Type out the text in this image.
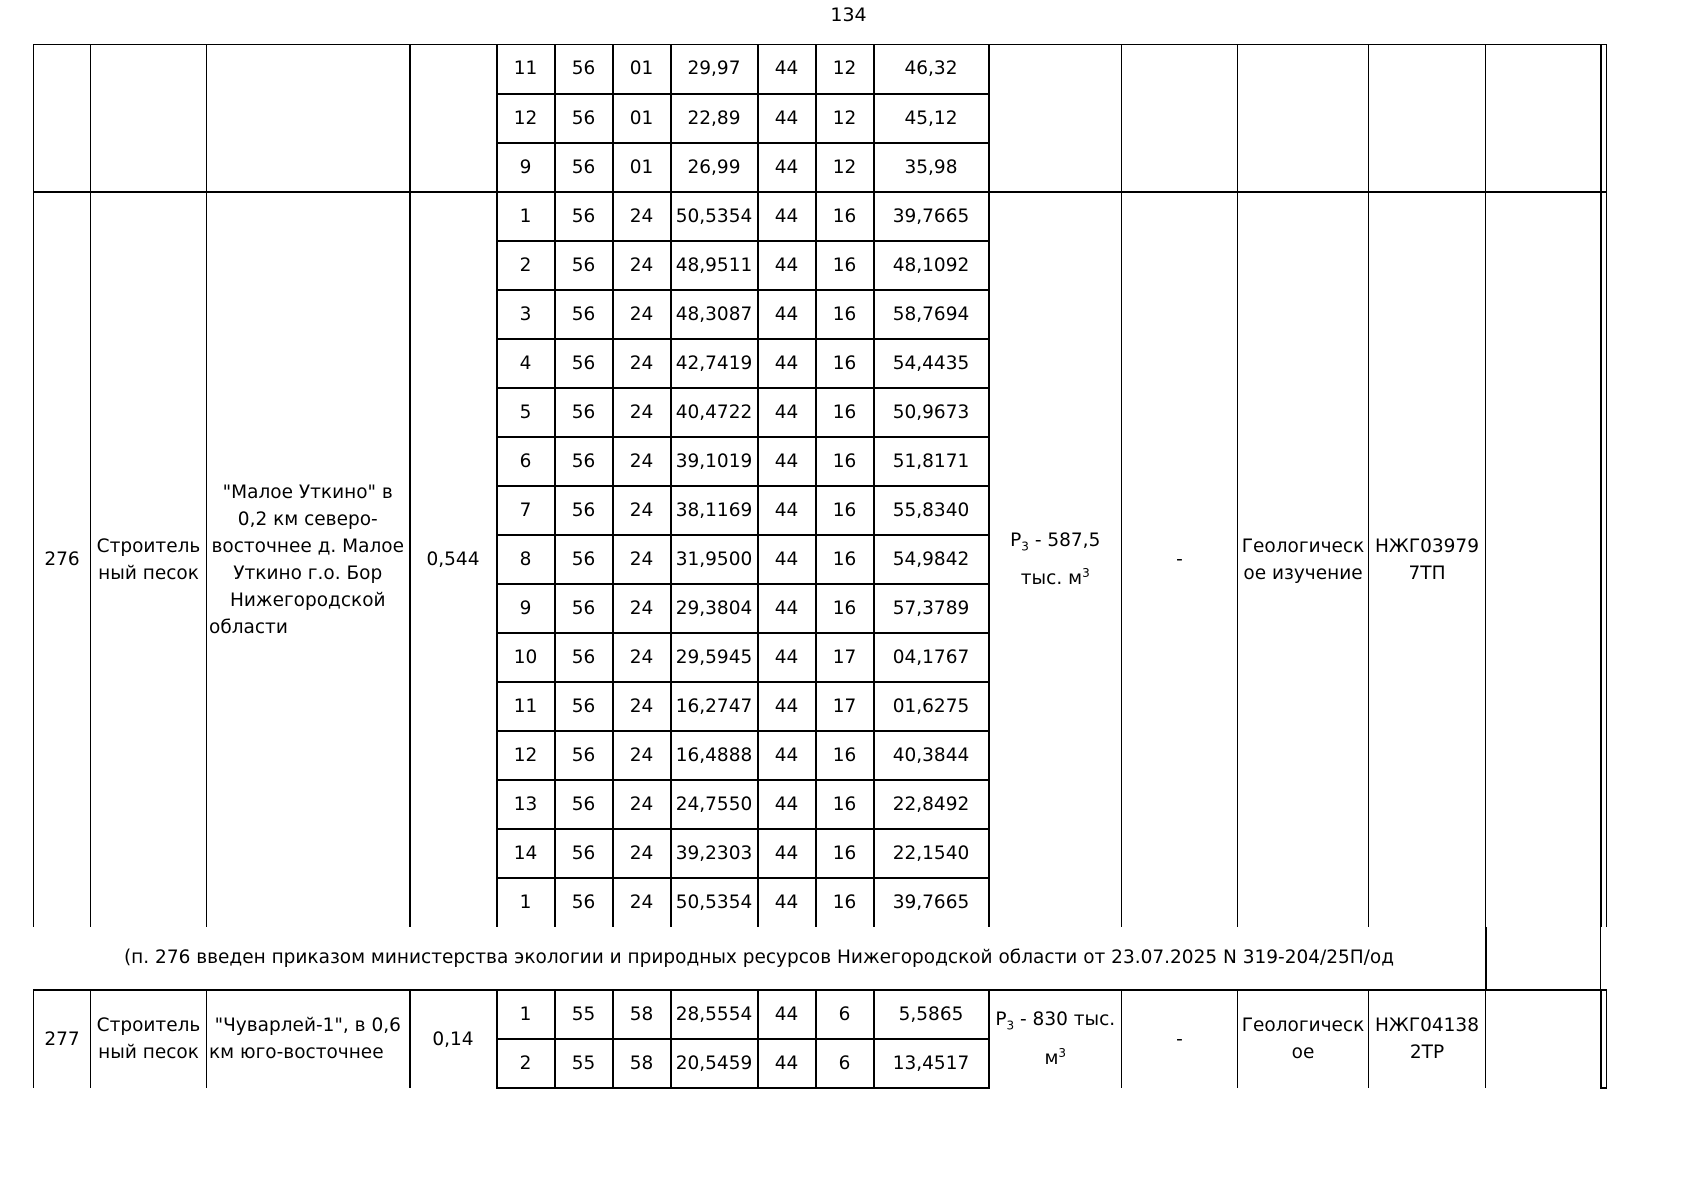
134
				11	56	01	29,97	44	12	46,32						
				12	56	01	22,89	44	12	45,12						
				9	56	01	26,99	44	12	35,98						
276	Строитель ный песок	"Малое Уткино" в 0,2 км северо-восточнее д. Малое Уткино г.о. Бор Нижегородской области	0,544	1	56	24	50,5354	44	16	39,7665	$P_3 - 587,5$ тыс. $м^3$	-	Геологическ ое изучение	НЖГ03979 7ТП		
				2	56	24	48,9511	44	16	48,1092						
				3	56	24	48,3087	44	16	58,7694						
				4	56	24	42,7419	44	16	54,4435						
				5	56	24	40,4722	44	16	50,9673						
				6	56	24	39,1019	44	16	51,8171						
				7	56	24	38,1169	44	16	55,8340						
				8	56	24	31,9500	44	16	54,9842						
				9	56	24	29,3804	44	16	57,3789						
				10	56	24	29,5945	44	17	04,1767						
				11	56	24	16,2747	44	17	01,6275						
				12	56	24	16,4888	44	16	40,3844						
				13	56	24	24,7550	44	16	22,8492						
				14	56	24	39,2303	44	16	22,1540						
				1	56	24	50,5354	44	16	39,7665						
(п. 276 введен приказом министерства экологии и природных ресурсов Нижегородской области от 23.07.2025 N 319-204/25П/од																
277	Строитель ный песок	"Чуварлей-1", в 0,6 км юго-восточнее	0,14	1	55	58	28,5554	44	6	5,5865	$P_3 - 830$ тыс. $м^3$	-	Геологическ ое	НЖГ04138 2ТР		
				2	55	58	20,5459	44	6	13,4517						
